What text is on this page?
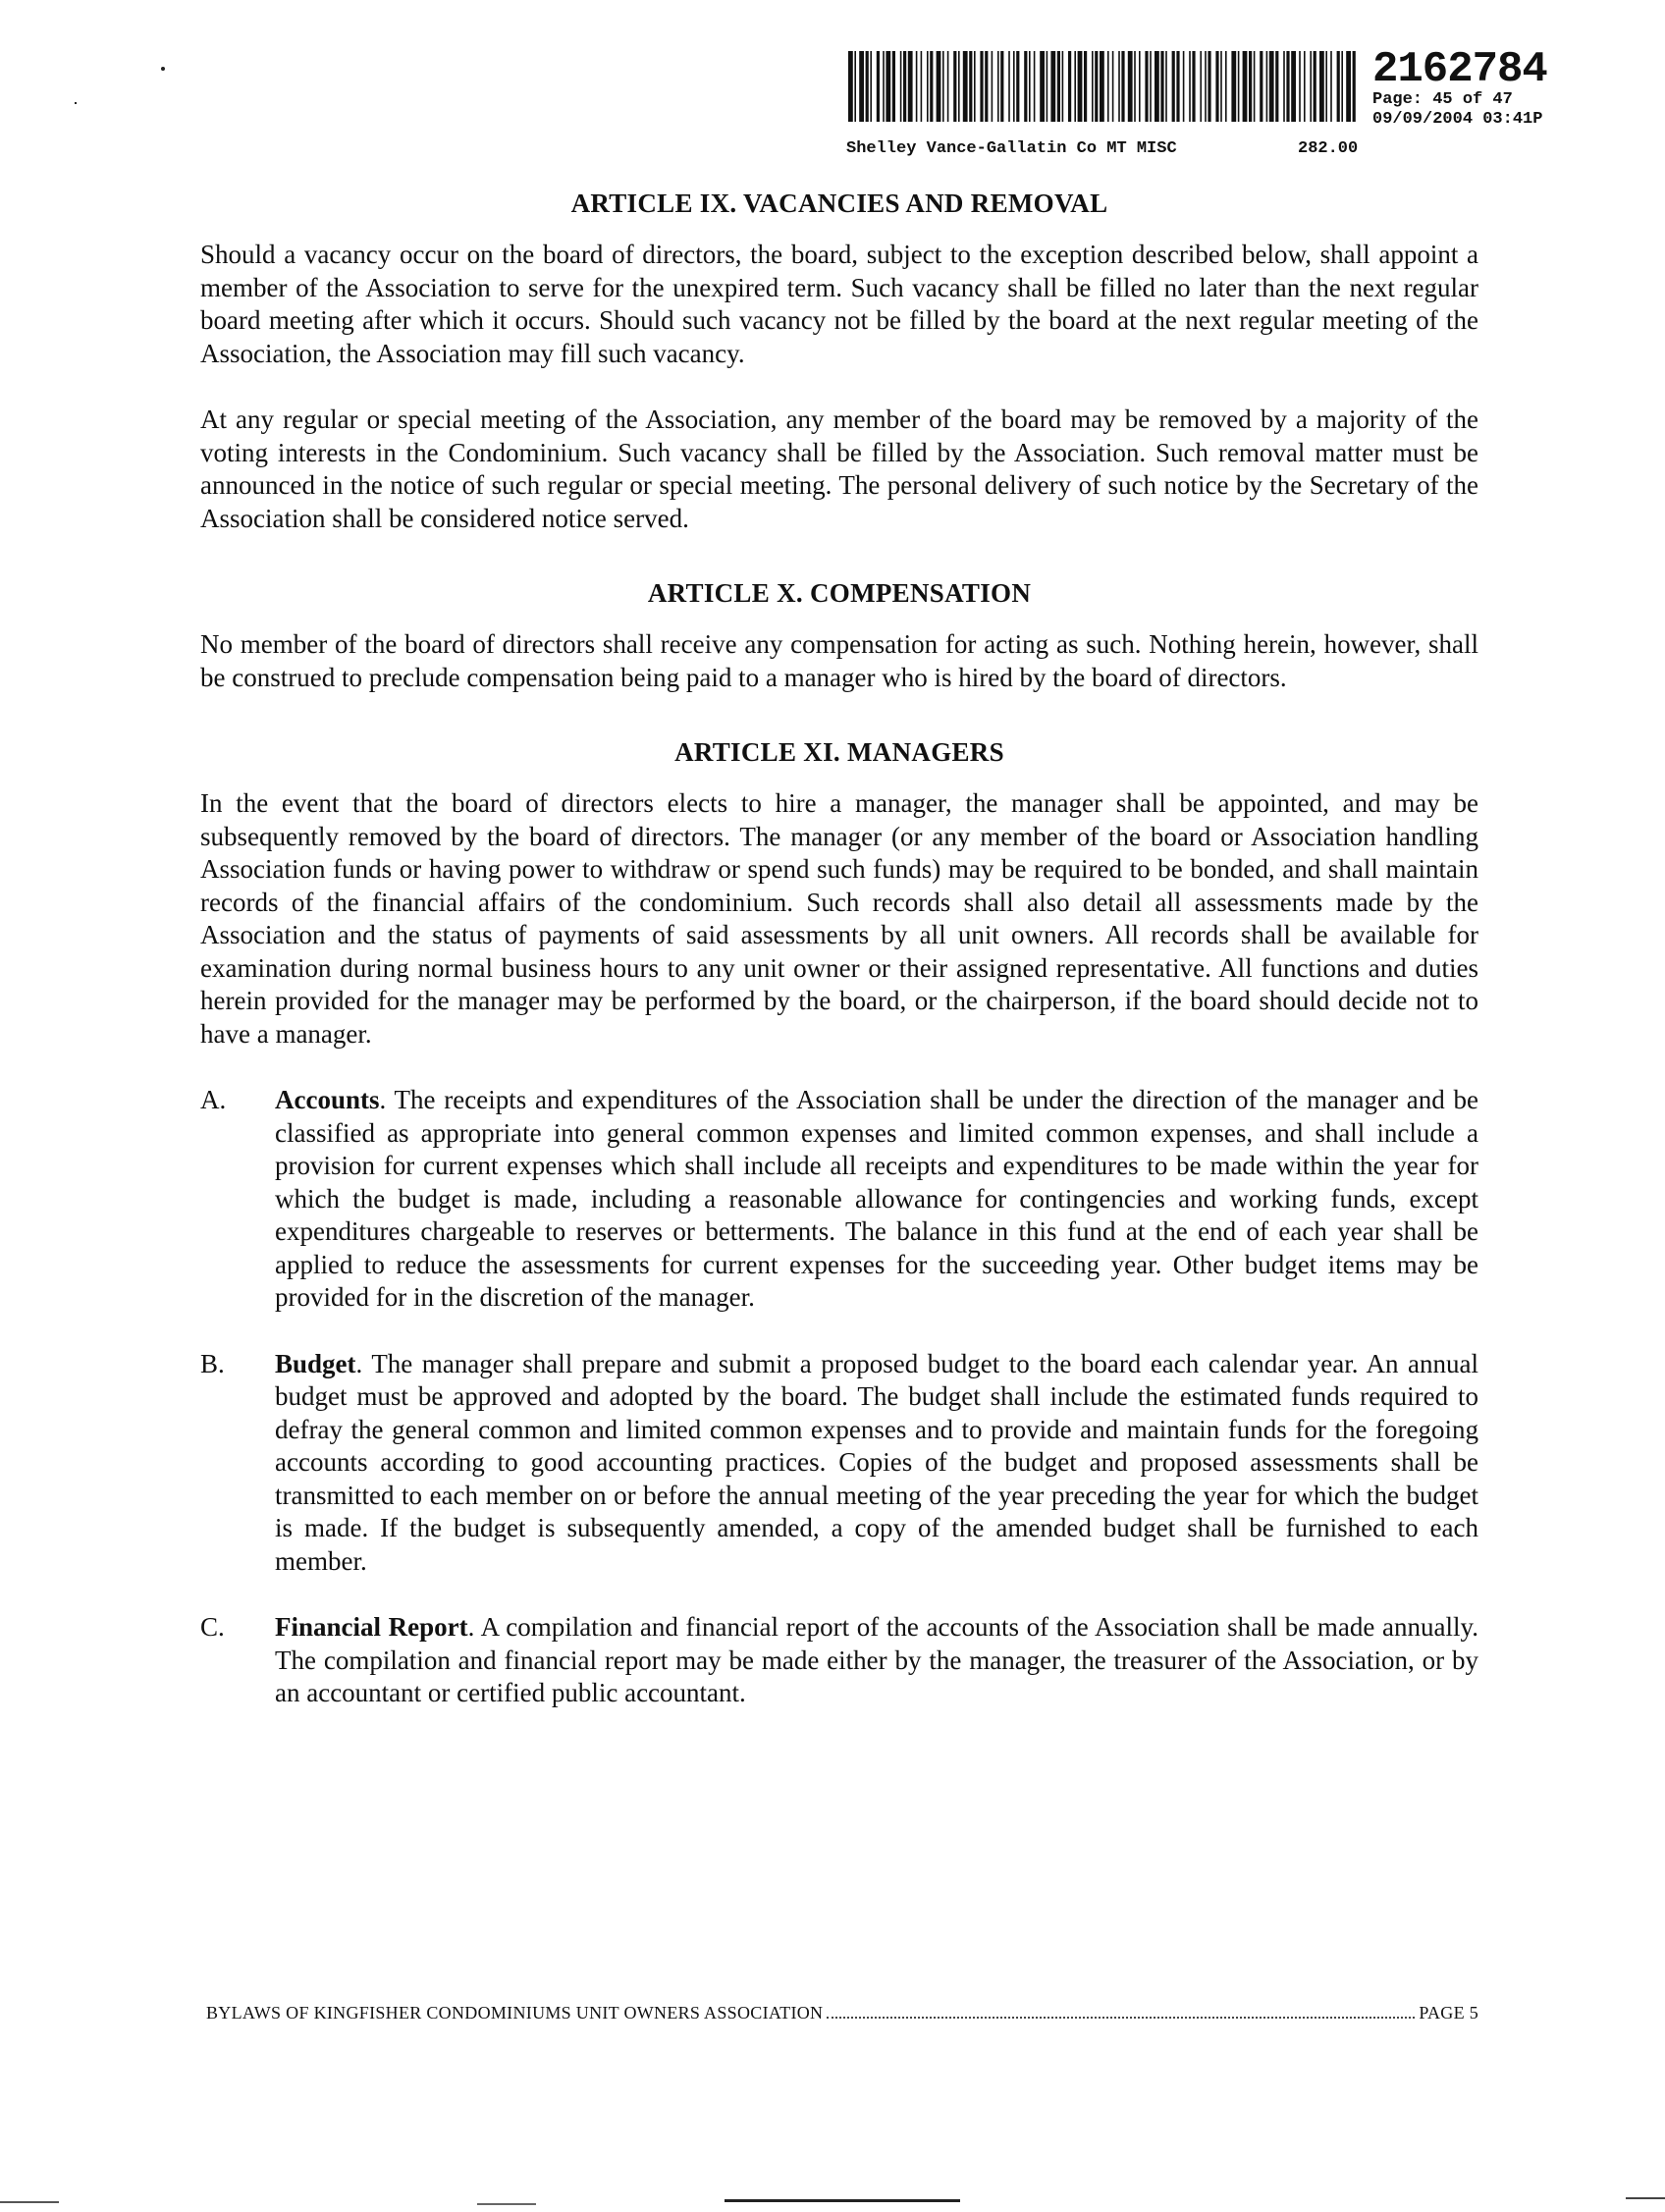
2162784
Page: 45 of 47
09/09/2004 03:41P
Shelley Vance-Gallatin Co MT MISC	282.00
ARTICLE IX. VACANCIES AND REMOVAL

Should a vacancy occur on the board of directors, the board, subject to the exception described below, shall appoint a member of the Association to serve for the unexpired term. Such vacancy shall be filled no later than the next regular board meeting after which it occurs. Should such vacancy not be filled by the board at the next regular meeting of the Association, the Association may fill such vacancy.

At any regular or special meeting of the Association, any member of the board may be removed by a majority of the voting interests in the Condominium. Such vacancy shall be filled by the Association. Such removal matter must be announced in the notice of such regular or special meeting. The personal delivery of such notice by the Secretary of the Association shall be considered notice served.

ARTICLE X. COMPENSATION

No member of the board of directors shall receive any compensation for acting as such. Nothing herein, however, shall be construed to preclude compensation being paid to a manager who is hired by the board of directors.

ARTICLE XI. MANAGERS

In the event that the board of directors elects to hire a manager, the manager shall be appointed, and may be subsequently removed by the board of directors. The manager (or any member of the board or Association handling Association funds or having power to withdraw or spend such funds) may be required to be bonded, and shall maintain records of the financial affairs of the condominium. Such records shall also detail all assessments made by the Association and the status of payments of said assessments by all unit owners. All records shall be available for examination during normal business hours to any unit owner or their assigned representative. All functions and duties herein provided for the manager may be performed by the board, or the chairperson, if the board should decide not to have a manager.

A.	Accounts. The receipts and expenditures of the Association shall be under the direction of the manager and be classified as appropriate into general common expenses and limited common expenses, and shall include a provision for current expenses which shall include all receipts and expenditures to be made within the year for which the budget is made, including a reasonable allowance for contingencies and working funds, except expenditures chargeable to reserves or betterments. The balance in this fund at the end of each year shall be applied to reduce the assessments for current expenses for the succeeding year. Other budget items may be provided for in the discretion of the manager.
B.	Budget. The manager shall prepare and submit a proposed budget to the board each calendar year. An annual budget must be approved and adopted by the board. The budget shall include the estimated funds required to defray the general common and limited common expenses and to provide and maintain funds for the foregoing accounts according to good accounting practices. Copies of the budget and proposed assessments shall be transmitted to each member on or before the annual meeting of the year preceding the year for which the budget is made. If the budget is subsequently amended, a copy of the amended budget shall be furnished to each member.
C.	Financial Report. A compilation and financial report of the accounts of the Association shall be made annually. The compilation and financial report may be made either by the manager, the treasurer of the Association, or by an accountant or certified public accountant.
BYLAWS OF KINGFISHER CONDOMINIUMS UNIT OWNERS ASSOCIATION	PAGE 5
